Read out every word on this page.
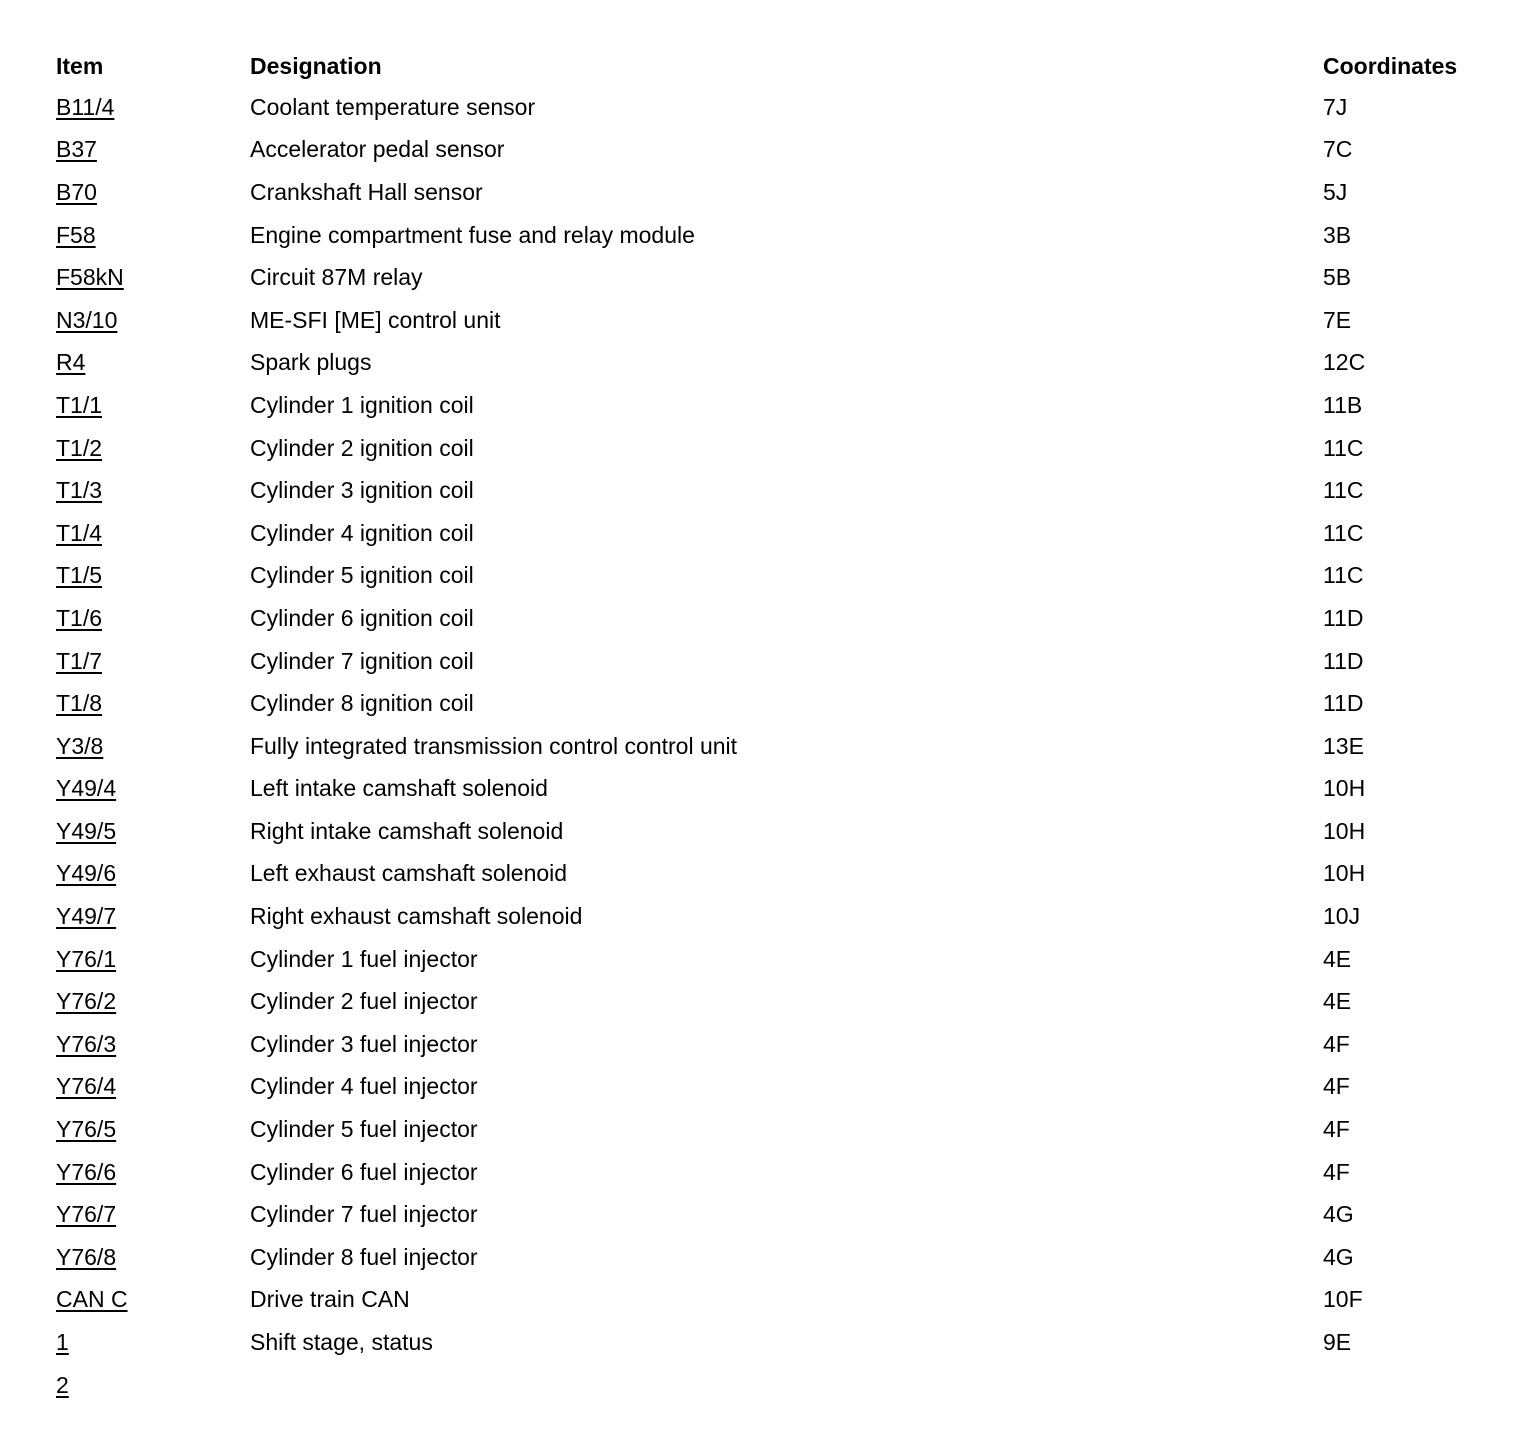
Item	Designation	Coordinates
B11/4	Coolant temperature sensor	7J
B37	Accelerator pedal sensor	7C
B70	Crankshaft Hall sensor	5J
F58	Engine compartment fuse and relay module	3B
F58kN	Circuit 87M relay	5B
N3/10	ME-SFI [ME] control unit	7E
R4	Spark plugs	12C
T1/1	Cylinder 1 ignition coil	11B
T1/2	Cylinder 2 ignition coil	11C
T1/3	Cylinder 3 ignition coil	11C
T1/4	Cylinder 4 ignition coil	11C
T1/5	Cylinder 5 ignition coil	11C
T1/6	Cylinder 6 ignition coil	11D
T1/7	Cylinder 7 ignition coil	11D
T1/8	Cylinder 8 ignition coil	11D
Y3/8	Fully integrated transmission control control unit	13E
Y49/4	Left intake camshaft solenoid	10H
Y49/5	Right intake camshaft solenoid	10H
Y49/6	Left exhaust camshaft solenoid	10H
Y49/7	Right exhaust camshaft solenoid	10J
Y76/1	Cylinder 1 fuel injector	4E
Y76/2	Cylinder 2 fuel injector	4E
Y76/3	Cylinder 3 fuel injector	4F
Y76/4	Cylinder 4 fuel injector	4F
Y76/5	Cylinder 5 fuel injector	4F
Y76/6	Cylinder 6 fuel injector	4F
Y76/7	Cylinder 7 fuel injector	4G
Y76/8	Cylinder 8 fuel injector	4G
CAN C	Drive train CAN	10F
1	Shift stage, status	9E
2
